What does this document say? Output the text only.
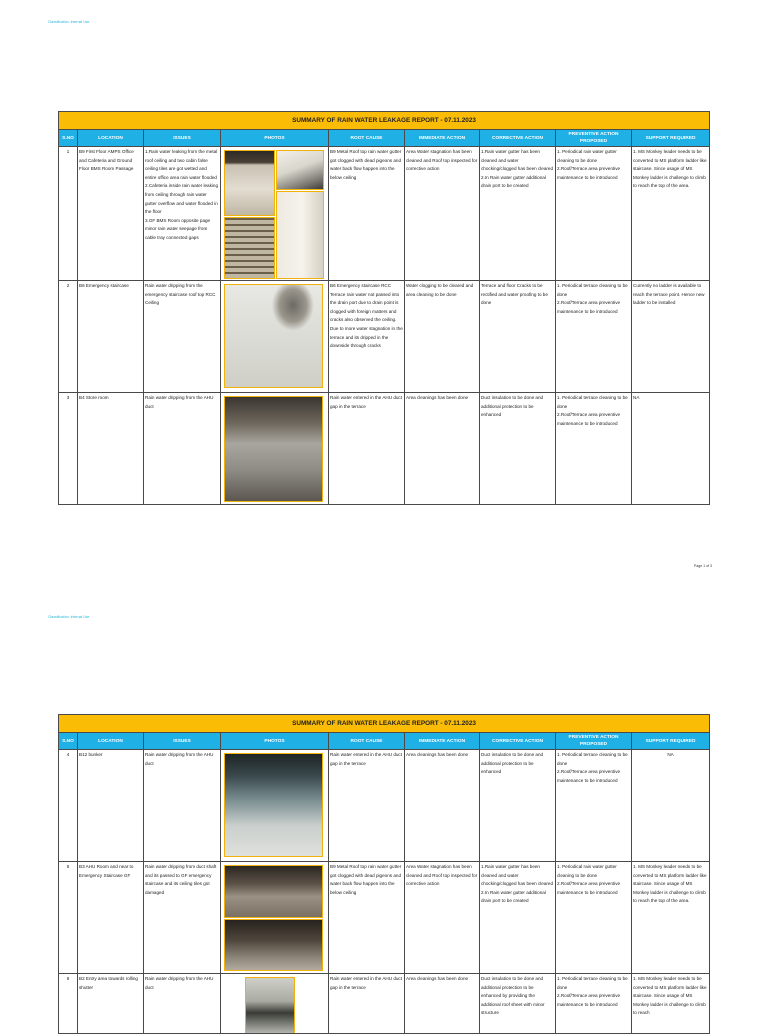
Classification: Internal Use
SUMMARY OF RAIN WATER LEAKAGE REPORT - 07.11.2023								
S.NO	LOCATION	ISSUES	PHOTOS	ROOT CAUSE	IMMEDIATE ACTION	CORRECTIVE ACTION	PREVENTIVE ACTION PROPOSED	SUPPORT REQUIRED
1	B9 First Floor AMPS Office and Cafeteria and Ground Floor BMS Room Passage	1.Rain water leaking from the metal roof ceiling and two cabin false ceiling tiles are got wetted and entire office area rain water flooded
2.Cafeteria inside rain water leaking from ceiling through rain water gutter overflow and water flooded in the floor
3.GF BMS Room opposite page minor rain water seepage from cable tray connected gaps		B9 Metal Roof top rain water gutter got clogged with dead pigeons and water back flow happen into the below ceiling	Area Water stagnation has been cleaned and Roof top inspected for corrective action	1.Rain water gutter has been cleaned and water chocking/clogged has been cleared
2.In Rain water gutter additional drain port to be created	1. Periodical rain water gutter cleaning to be done
2.Roof/Terrace area preventive maintenance to be introduced	1. MS Monkey leader needs to be converted to MS platform ladder like staircase. Since usage of MS Monkey ladder is challenge to climb to reach the top of the area.
2	B6 Emergency staircase	Rain water dripping from the emergency staircase roof top RCC Ceiling		B6 Emergency staircase RCC Terrace rain water not passed into the drain port due to drain point is clogged with foreign matters and cracks also observed the ceiling. Due to more water stagnation in the terrace and its dripped in the downside through cracks	Water clogging to be cleared and area cleaning to be done	Terrace and floor Cracks to be rectified and water proofing to be done	1. Periodical terrace cleaning to be done
2.Roof/Terrace area preventive maintenance to be introduced	Currently no ladder is available to reach the terrace point. Hence new ladder to be installed
3	B4 Store room	Rain water dripping from the AHU duct		Rain water entered in the AHU duct gap in the terrace	Area cleanings has been done	Duct insulation to be done and additional protection to be enhanced	1. Periodical terrace cleaning to be done
2.Roof/Terrace area preventive maintenance to be introduced	NA
Page 1 of 3
Classification: Internal Use
SUMMARY OF RAIN WATER LEAKAGE REPORT - 07.11.2023								
S.NO	LOCATION	ISSUES	PHOTOS	ROOT CAUSE	IMMEDIATE ACTION	CORRECTIVE ACTION	PREVENTIVE ACTION PROPOSED	SUPPORT REQUIRED
4	B12 bunker	Rain water dripping from the AHU duct		Rain water entered in the AHU duct gap in the terrace	Area cleanings has been done	Duct insulation to be done and additional protection to be enhanced	1. Periodical terrace cleaning to be done
2.Roof/Terrace area preventive maintenance to be introduced	NA
5	B3 AHU Room and near to Emergency Staircase GF	Rain water dripping from duct shaft and its passed to GF emergency staircase and its ceiling tiles got damaged		B9 Metal Roof top rain water gutter got clogged with dead pigeons and water back flow happen into the below ceiling	Area Water stagnation has been cleaned and Roof top inspected for corrective action	1.Rain water gutter has been cleaned and water chocking/clogged has been cleared
2.In Rain water gutter additional drain port to be created	1. Periodical rain water gutter cleaning to be done
2.Roof/Terrace area preventive maintenance to be introduced	1. MS Monkey leader needs to be converted to MS platform ladder like staircase. Since usage of MS Monkey ladder is challenge to climb to reach the top of the area.
6	B2 Entry area towards rolling shutter	Rain water dripping from the AHU duct		Rain water entered in the AHU duct gap in the terrace	Area cleanings has been done	Duct insulation to be done and additional protection to be enhanced by providing the additional roof sheet with minor structure	1. Periodical terrace cleaning to be done
2.Roof/Terrace area preventive maintenance to be introduced	1. MS Monkey leader needs to be converted to MS platform ladder like staircase. Since usage of MS Monkey ladder is challenge to climb to reach
